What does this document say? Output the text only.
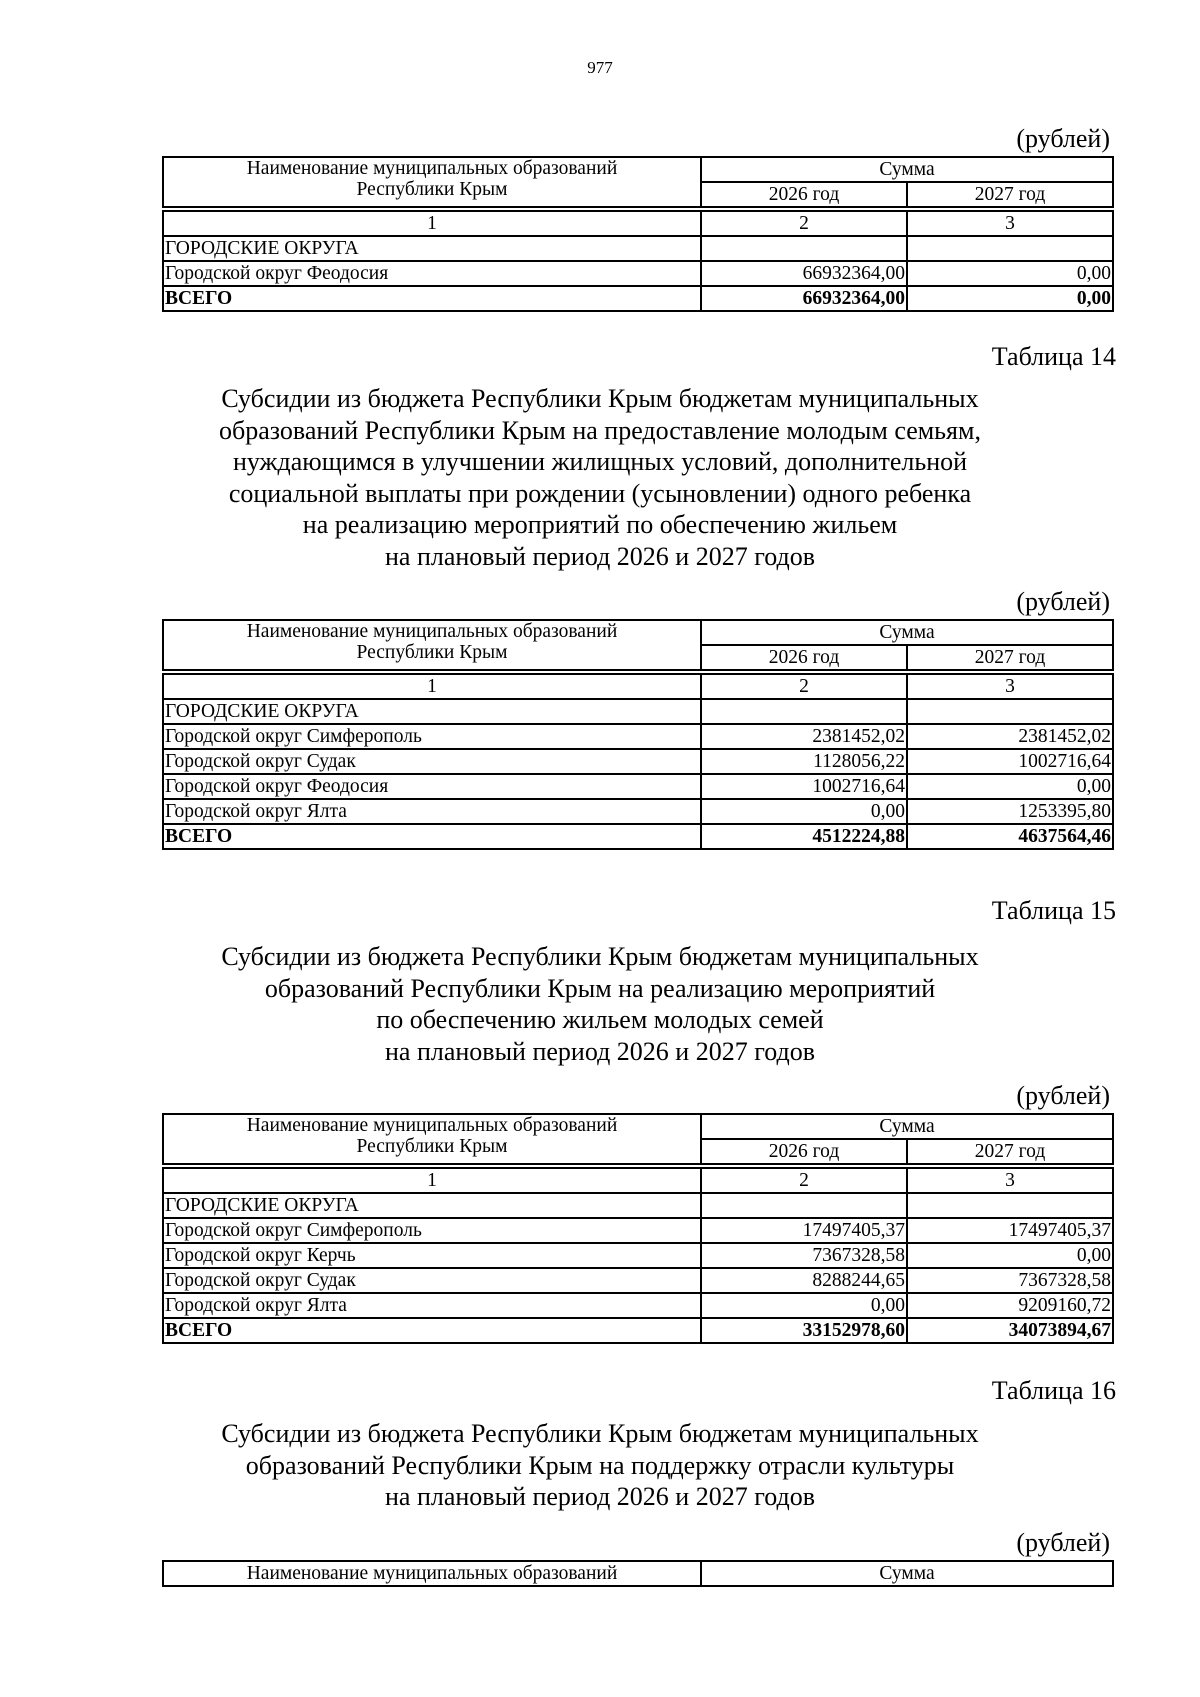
977
(рублей)
Наименование муниципальных образований
Республики Крым	Сумма	
	2026 год	2027 год

1	2	3
ГОРОДСКИЕ ОКРУГА		
Городской округ Феодосия	66932364,00	0,00
ВСЕГО	66932364,00	0,00
Таблица 14
Субсидии из бюджета Республики Крым бюджетам муниципальных
образований Республики Крым на предоставление молодым семьям,
нуждающимся в улучшении жилищных условий, дополнительной
социальной выплаты при рождении (усыновлении) одного ребенка
на реализацию мероприятий по обеспечению жильем
на плановый период 2026 и 2027 годов
(рублей)
Наименование муниципальных образований
Республики Крым	Сумма	
	2026 год	2027 год

1	2	3
ГОРОДСКИЕ ОКРУГА		
Городской округ Симферополь	2381452,02	2381452,02
Городской округ Судак	1128056,22	1002716,64
Городской округ Феодосия	1002716,64	0,00
Городской округ Ялта	0,00	1253395,80
ВСЕГО	4512224,88	4637564,46
Таблица 15
Субсидии из бюджета Республики Крым бюджетам муниципальных
образований Республики Крым на реализацию мероприятий
по обеспечению жильем молодых семей
на плановый период 2026 и 2027 годов
(рублей)
Наименование муниципальных образований
Республики Крым	Сумма	
	2026 год	2027 год

1	2	3
ГОРОДСКИЕ ОКРУГА		
Городской округ Симферополь	17497405,37	17497405,37
Городской округ Керчь	7367328,58	0,00
Городской округ Судак	8288244,65	7367328,58
Городской округ Ялта	0,00	9209160,72
ВСЕГО	33152978,60	34073894,67
Таблица 16
Субсидии из бюджета Республики Крым бюджетам муниципальных
образований Республики Крым на поддержку отрасли культуры
на плановый период 2026 и 2027 годов
(рублей)
Наименование муниципальных образований	Сумма
